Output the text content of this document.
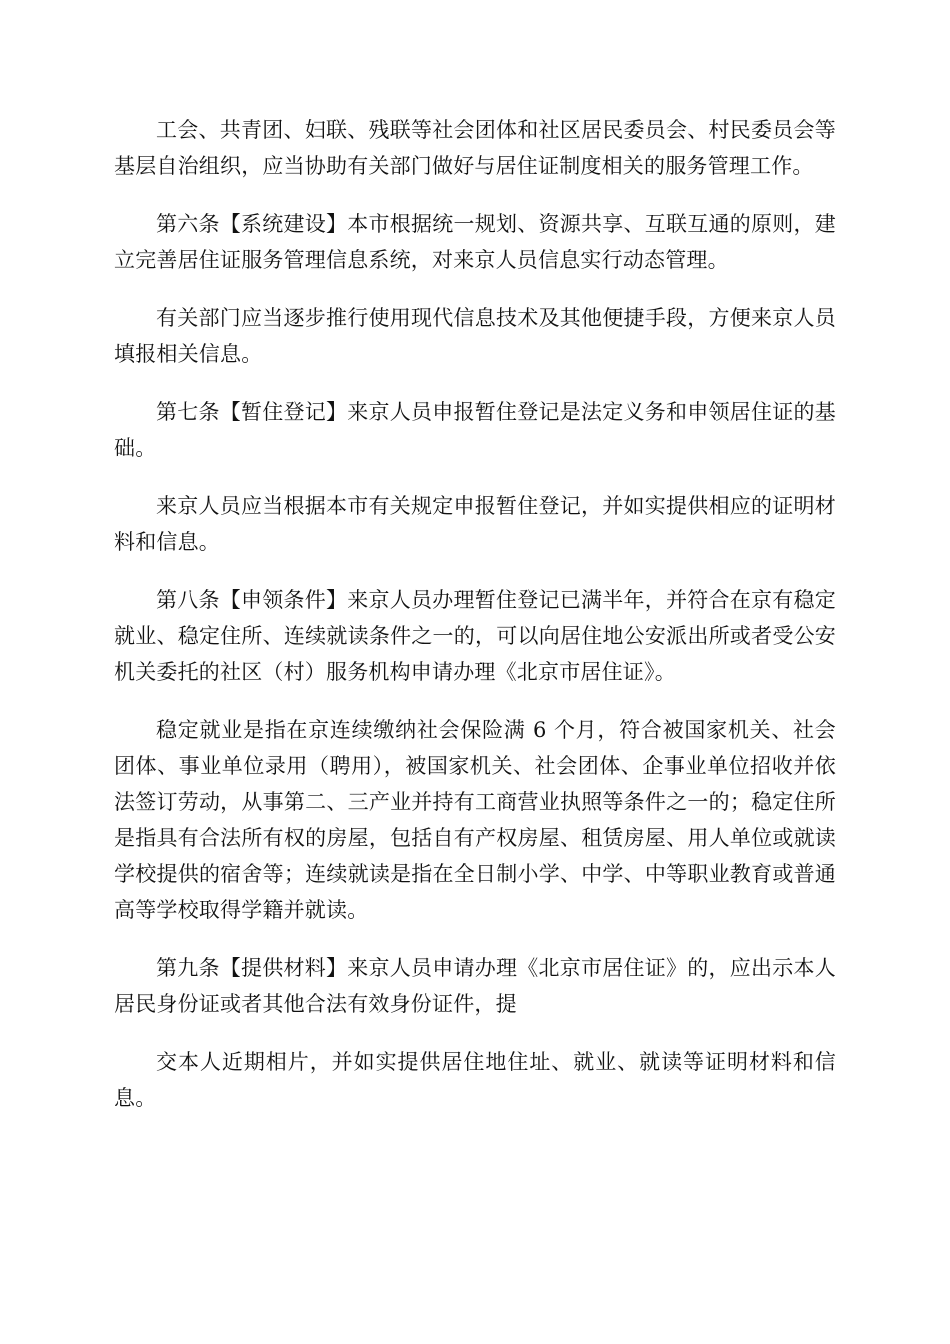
工会、共青团、妇联、残联等社会团体和社区居民委员会、村民委员会等基层自治组织，应当协助有关部门做好与居住证制度相关的服务管理工作。

第六条【系统建设】本市根据统一规划、资源共享、互联互通的原则，建立完善居住证服务管理信息系统，对来京人员信息实行动态管理。

有关部门应当逐步推行使用现代信息技术及其他便捷手段，方便来京人员填报相关信息。

第七条【暂住登记】来京人员申报暂住登记是法定义务和申领居住证的基础。

来京人员应当根据本市有关规定申报暂住登记，并如实提供相应的证明材料和信息。

第八条【申领条件】来京人员办理暂住登记已满半年，并符合在京有稳定就业、稳定住所、连续就读条件之一的，可以向居住地公安派出所或者受公安机关委托的社区（村）服务机构申请办理《北京市居住证》。

稳定就业是指在京连续缴纳社会保险满 6 个月，符合被国家机关、社会团体、事业单位录用（聘用），被国家机关、社会团体、企事业单位招收并依法签订劳动，从事第二、三产业并持有工商营业执照等条件之一的；稳定住所是指具有合法所有权的房屋，包括自有产权房屋、租赁房屋、用人单位或就读学校提供的宿舍等；连续就读是指在全日制小学、中学、中等职业教育或普通高等学校取得学籍并就读。

第九条【提供材料】来京人员申请办理《北京市居住证》的，应出示本人居民身份证或者其他合法有效身份证件，提

交本人近期相片，并如实提供居住地住址、就业、就读等证明材料和信息。
